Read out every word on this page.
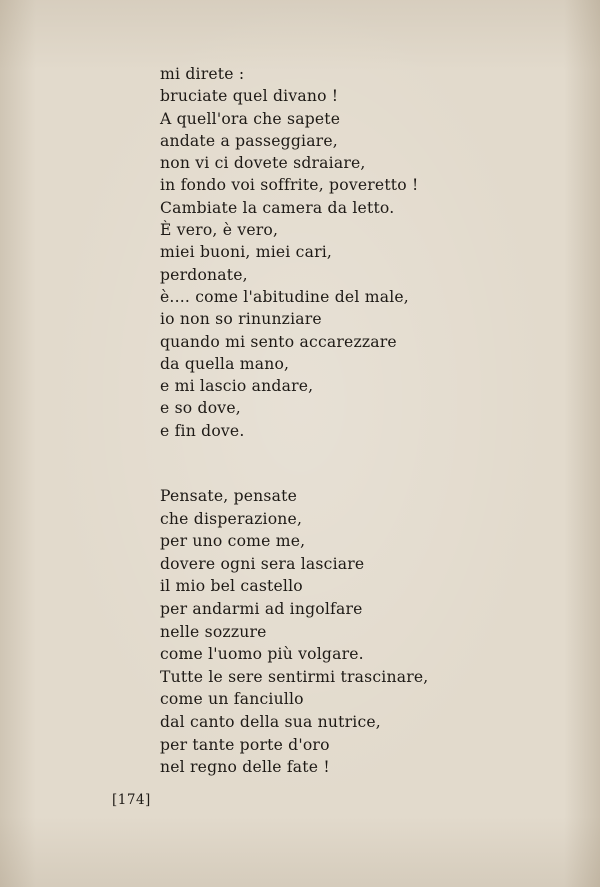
mi direte :
bruciate quel divano !
A quell'ora che sapete
andate a passeggiare,
non vi ci dovete sdraiare,
in fondo voi soffrite, poveretto !
Cambiate la camera da letto.
È vero, è vero,
miei buoni, miei cari,
perdonate,
è.... come l'abitudine del male,
io non so rinunziare
quando mi sento accarezzare
da quella mano,
e mi lascio andare,
e so dove,
e fin dove.
Pensate, pensate
che disperazione,
per uno come me,
dovere ogni sera lasciare
il mio bel castello
per andarmi ad ingolfare
nelle sozzure
come l'uomo più volgare.
Tutte le sere sentirmi trascinare,
come un fanciullo
dal canto della sua nutrice,
per tante porte d'oro
nel regno delle fate !
[174]
